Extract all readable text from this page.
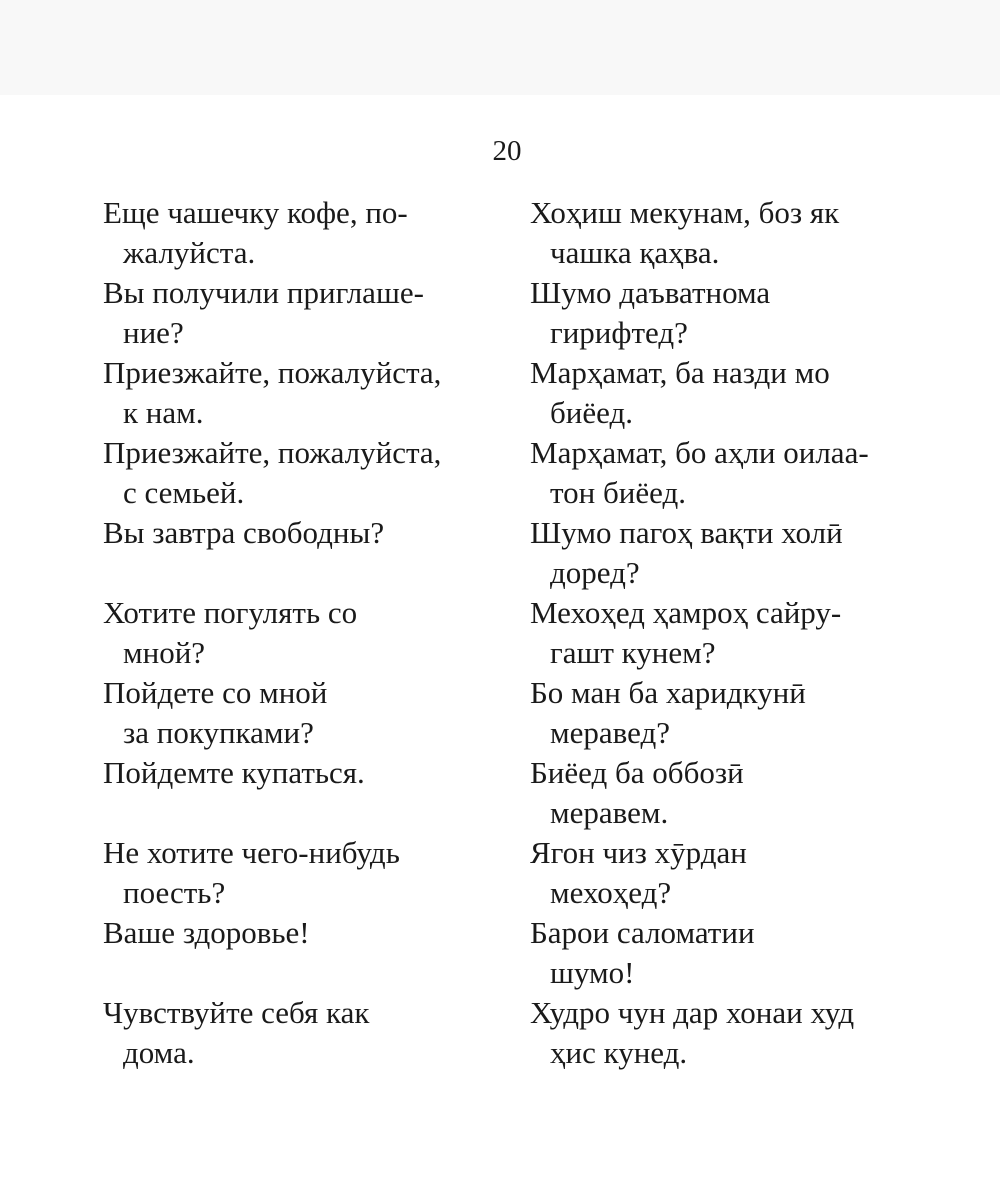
20
Еще чашечку кофе, по-
жалуйста.
Вы получили приглаше-
ние?
Приезжайте, пожалуйста,
к нам.
Приезжайте, пожалуйста,
с семьей.
Вы завтра свободны?
Хотите погулять со
мной?
Пойдете со мной
за покупками?
Пойдемте купаться.
Не хотите чего-нибудь
поесть?
Ваше здоровье!
Чувствуйте себя как
дома.
Хоҳиш мекунам, боз як
чашка қаҳва.
Шумо даъватнома
гирифтед?
Марҳамат, ба назди мо
биёед.
Марҳамат, бо аҳли оилаа-
тон биёед.
Шумо пагоҳ вақти холӣ
доред?
Мехоҳед ҳамроҳ сайру-
гашт кунем?
Бо ман ба харидкунӣ
меравед?
Биёед ба оббозӣ
меравем.
Ягон чиз хӯрдан
мехоҳед?
Барои саломатии
шумо!
Худро чун дар хонаи худ
ҳис кунед.
